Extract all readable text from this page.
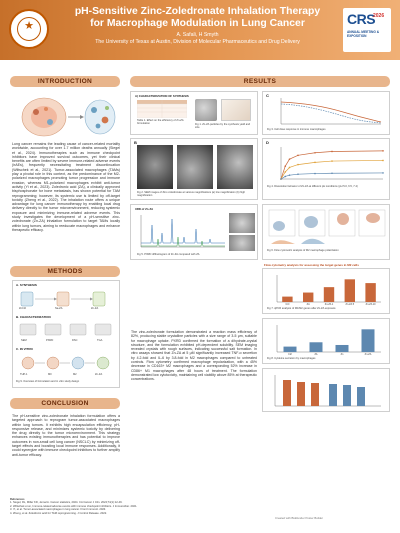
★
pH-Sensitive Zinc-Zoledronate Inhalation Therapy
for Macrophage Modulation in Lung Cancer
A. Safali, H Smyth
The University of Texas at Austin, Division of Molecular Pharmaceutics and Drug Delivery
CRS
2026
ANNUAL MEETING & EXPOSITION
INTRODUCTION
Lung cancer remains the leading cause of cancer-related mortality worldwide, accounting for over 1.7 million deaths annually (Siegel et al., 2024). Immunotherapies such as immune checkpoint inhibitors have improved survival outcomes, yet their clinical benefits are often limited by severe immune-related adverse events (irAEs), frequently necessitating treatment discontinuation (Wiltschek et al., 2021). Tumor-associated macrophages (TAMs) play a pivotal role in this context, as the predominance of the M2-polarized macrophages promoting tumor progression and immune evasion, whereas M1-polarized macrophages exhibit anti-tumor activity (Yi et al., 2023). Zoledronic acid (ZA), a clinically approved bisphosphonate for bone metastasis, has shown potential for TAM reprogramming; however, its systemic use is limited by off-target toxicity (Zheng et al., 2022). The inhalation route offers a unique advantage for lung cancer immunotherapy by enabling local drug delivery directly to the tumor microenvironment, reducing systemic exposure and minimizing immune-related adverse events. This study investigates the development of a pH-sensitive zinc-zoledronate (Zn-ZA) inhalation formulation to target TAMs locally within lung tumors, aiming to reeducate macrophages and enhance therapeutic efficacy.
METHODS
A. SYNTHESIS
ZnCl2	Na-ZA	Zn-ZA
B. CHARACTERIZATION
SEM	PXRD	DSC	TGA
C. IN VITRO
THP-1	M0	M2	Zn-ZA
Fig 9. Overview of formulation and in vitro study design
CONCLUSION
The pH-sensitive zinc-zoledronate inhalation formulation offers a targeted approach to reprogram tumor-associated macrophages within lung tumors. It exhibits high encapsulation efficiency, pH-responsive release, and minimizes systemic toxicity by delivering the drug directly to the tumor microenvironment. This strategy enhances existing immunotherapies and has potential to improve outcomes in non-small cell lung cancer (NSCLC) by minimizing off-target effects and boosting local immune responses. Additionally, it could synergize with immune checkpoint inhibitors to further amplify anti-tumor efficacy.
RESULTS
A) CHARACTERIZATION OF SYNTHESIS
Table 1. Effect on the efficiency of Zn-ZA formulation	Fig 1. Zn-ZA particles by the synthesis yield and size
C
Fig 3. Cell dose response in immune macrophages
B
Fig 2. SEM images of Zinc-zoledronate at various magnifications (a) low magnification (b) high magnification
D
Fig 4. Dissolution behavior of Zn-ZA at different pH conditions (pH 5.0, 6.5, 7.4)
XRD of Zn-ZA
Fig 5. PXRD diffractogram of Zn-ZA compared with ZA
Fig 6. Flow cytometric analysis of M2 macrophage polarization
Flow cytometry analysis for assessing the target genes in M2 cells
Ctrl	ZA	Zn-ZA 1	Zn-ZA 5	Zn-ZA 10
Fig 7. qPCR analysis of M1/M2 genes after Zn-ZA exposure
Ctrl	ZA	Zn	Zn-ZA
Fig 8. Cytokine secretion by macrophages
The zinc-zoledronate formulation demonstrated a reaction mass efficiency of 82%, producing stable crystalline particles with a size range of 3-5 μm, suitable for macrophage uptake. PXRD confirmed the formation of a dihydrate-crystal structure, and the formulation exhibited pH-dependent solubility. SEM imaging revealed crystals with rough surfaces, indicating successful salt formation. In vitro assays showed that Zn-ZA at 5 μM significantly increased TNF-α secretion by 4.2-fold and IL-6 by 3.8-fold in M2 macrophages compared to untreated controls. Flow cytometry confirmed macrophage repolarization, with a 45% decrease in CD163+ M2 macrophages and a corresponding 52% increase in CD86+ M1 macrophages after 48 hours of treatment. The formulation demonstrated low cytotoxicity, maintaining cell viability above 85% at therapeutic concentrations.
References
1. Siegel, RL, Miller KD, Jemal A. Cancer statistics, 2024. CA Cancer J Clin. 2024;74(1):12-49.
2. Wiltschek et al., Immune-related adverse events with immune checkpoint inhibitors. J Immunother. 2021.
3. Yi, et al. Tumor-associated macrophages in lung cancer. Front Immunol. 2023.
4. Zheng, et al. Zoledronic acid for TAM reprogramming. J Control Release. 2022.
Created with BioRender Poster Builder
